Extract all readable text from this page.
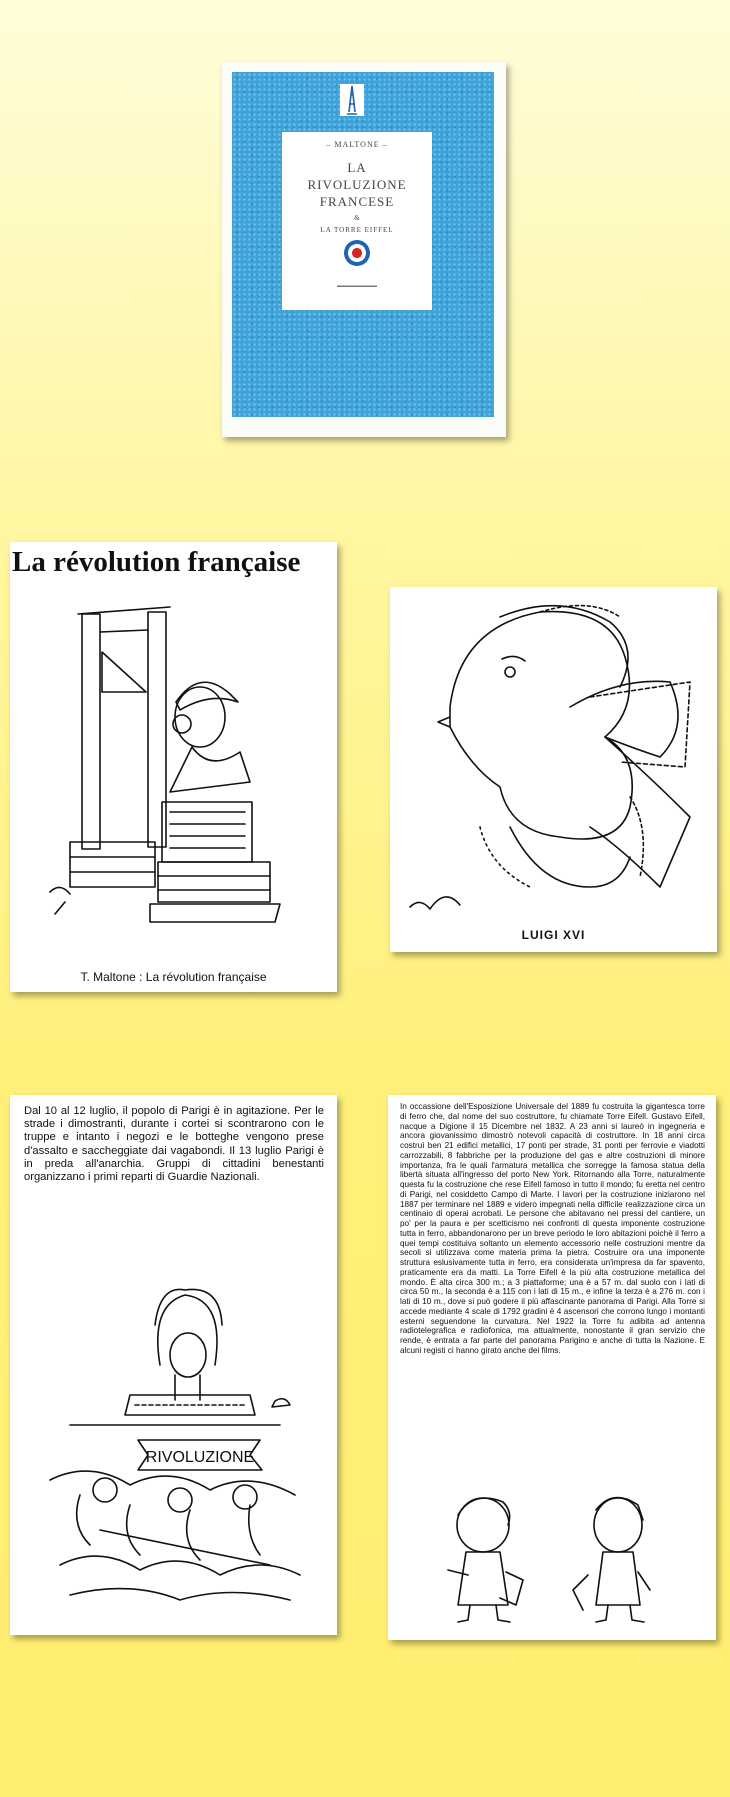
– MALTONE –
LA
RIVOLUZIONE
FRANCESE
&
LA TORRE EIFFEL
▬▬▬▬▬▬▬▬
La révolution française
T. Maltone : La révolution française
LUIGI XVI
Dal 10 al 12 luglio, il popolo di Parigi è in agitazione. Per le strade i dimostranti, durante i cortei si scontrarono con le truppe e intanto i negozi e le botteghe vengono prese d'assalto e saccheggiate dai vagabondi. Il 13 luglio Parigi è in preda all'anarchia. Gruppi di cittadini benestanti organizzano i primi reparti di Guardie Nazionali.
RIVOLUZIONE
In occassione dell'Esposizione Universale del 1889 fu costruita la gigantesca torre di ferro che, dal nome del suo costruttore, fu chiamate Torre Eifell. Gustavo Eifell, nacque a Digione il 15 Dicembre nel 1832. A 23 anni si laureò in ingegneria e ancora giovanissimo dimostrò notevoli capacità di costruttore. In 18 anni circa costruì ben 21 edifici metallici, 17 ponti per strade, 31 ponti per ferrovie e viadotti carrozzabili, 8 fabbriche per la produzione del gas e altre costruzioni di minore importanza, fra le quali l'armatura metallica che sorregge la famosa statua della libertà situata all'ingresso del porto New York. Ritornando alla Torre, naturalmente questa fu la costruzione che rese Eifell famoso in tutto il mondo; fu eretta nel centro di Parigi, nel cosiddetto Campo di Marte. I lavori per la costruzione iniziarono nel 1887 per terminare nel 1889 e videro impegnati nella difficile realizzazione circa un centinaio di operai acrobati. Le persone che abitavano nei pressi del cantiere, un po' per la paura e per scetticismo nei confronti di questa imponente costruzione tutta in ferro, abbandonarono per un breve periodo le loro abitazioni poichè il ferro a quei tempi costituiva soltanto un elemento accessorio nelle costruzioni mentre da secoli si utilizzava come materia prima la pietra. Costruire ora una imponente struttura eslusivamente tutta in ferro, era considerata un'impresa da far spavento, praticamente era da matti. La Torre Eifell è la più alta costruzione metallica del mondo. È alta circa 300 m.; a 3 piattaforme; una è a 57 m. dal suolo con i lati di circa 50 m., la seconda è a 115 con i lati di 15 m., e infine la terza è a 276 m. con i lati di 10 m., dove si può godere il più affascinante panorama di Parigi. Alla Torre si accede mediante 4 scale di 1792 gradini è 4 ascensori che corrono lungo i montanti esterni seguendone la curvatura. Nel 1922 la Torre fu adibita ad antenna radiotelegrafica e radiofonica, ma attualmente, nonostante il gran servizio che rende, è entrata a far parte del panorama Parigino e anche di tutta la Nazione. E alcuni registi ci hanno girato anche dei films.
